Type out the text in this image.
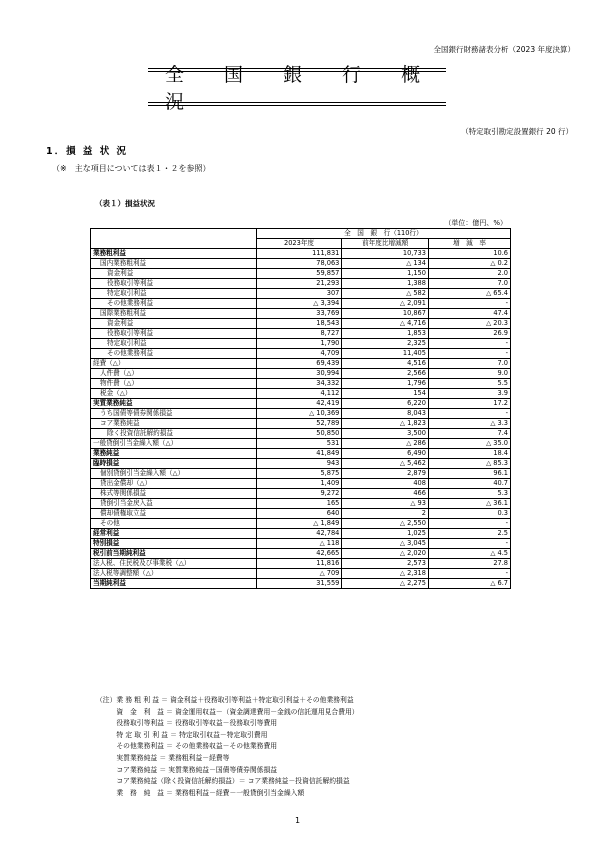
全国銀行財務諸表分析（2023 年度決算）
全 国 銀 行 概 況
（特定取引勘定設置銀行 20 行）
1．損 益 状 況
（※　主な項目については表１・２を参照）
（表１）損益状況
（単位：億円、%）
	全　国　銀　行（110行）		
	2023年度	前年度比増減額	増　減　率
業務粗利益	111,831	10,733	10.6
国内業務粗利益	78,063	△ 134	△ 0.2
資金利益	59,857	1,150	2.0
役務取引等利益	21,293	1,388	7.0
特定取引利益	307	△ 582	△ 65.4
その他業務利益	△ 3,394	△ 2,091	-
国際業務粗利益	33,769	10,867	47.4
資金利益	18,543	△ 4,716	△ 20.3
役務取引等利益	8,727	1,853	26.9
特定取引利益	1,790	2,325	-
その他業務利益	4,709	11,405	-
経費（△）	69,439	4,516	7.0
人件費（△）	30,994	2,566	9.0
物件費（△）	34,332	1,796	5.5
税金（△）	4,112	154	3.9
実質業務純益	42,419	6,220	17.2
うち国債等債券関係損益	△ 10,369	8,043	-
コア業務純益	52,789	△ 1,823	△ 3.3
除く投資信託解約損益	50,850	3,500	7.4
一般貸倒引当金繰入額（△）	531	△ 286	△ 35.0
業務純益	41,849	6,490	18.4
臨時損益	943	△ 5,462	△ 85.3
個別貸倒引当金繰入額（△）	5,875	2,879	96.1
貸出金償却（△）	1,409	408	40.7
株式等関係損益	9,272	466	5.3
貸倒引当金戻入益	165	△ 93	△ 36.1
償却債権取立益	640	2	0.3
その他	△ 1,849	△ 2,550	-
経常利益	42,784	1,025	2.5
特別損益	△ 118	△ 3,045	-
税引前当期純利益	42,665	△ 2,020	△ 4.5
法人税、住民税及び事業税（△）	11,816	2,573	27.8
法人税等調整額（△）	△ 709	△ 2,318	-
当期純利益	31,559	△ 2,275	△ 6.7
（注）業 務 粗 利 益 ＝ 資金利益＋役務取引等利益＋特定取引利益＋その他業務利益
　　　資　金　利　益 ＝ 資金運用収益－（資金調達費用－金銭の信託運用見合費用）
　　　役務取引等利益 ＝ 役務取引等収益－役務取引等費用
　　　特 定 取 引 利 益 ＝ 特定取引収益－特定取引費用
　　　その他業務利益 ＝ その他業務収益－その他業務費用
　　　実質業務純益 ＝ 業務粗利益－経費等
　　　コア業務純益 ＝ 実質業務純益－国債等債券関係損益
　　　コア業務純益（除く投資信託解約損益）＝ コア業務純益－投資信託解約損益
　　　業　務　純　益 ＝ 業務粗利益－経費－一般貸倒引当金繰入額
1
